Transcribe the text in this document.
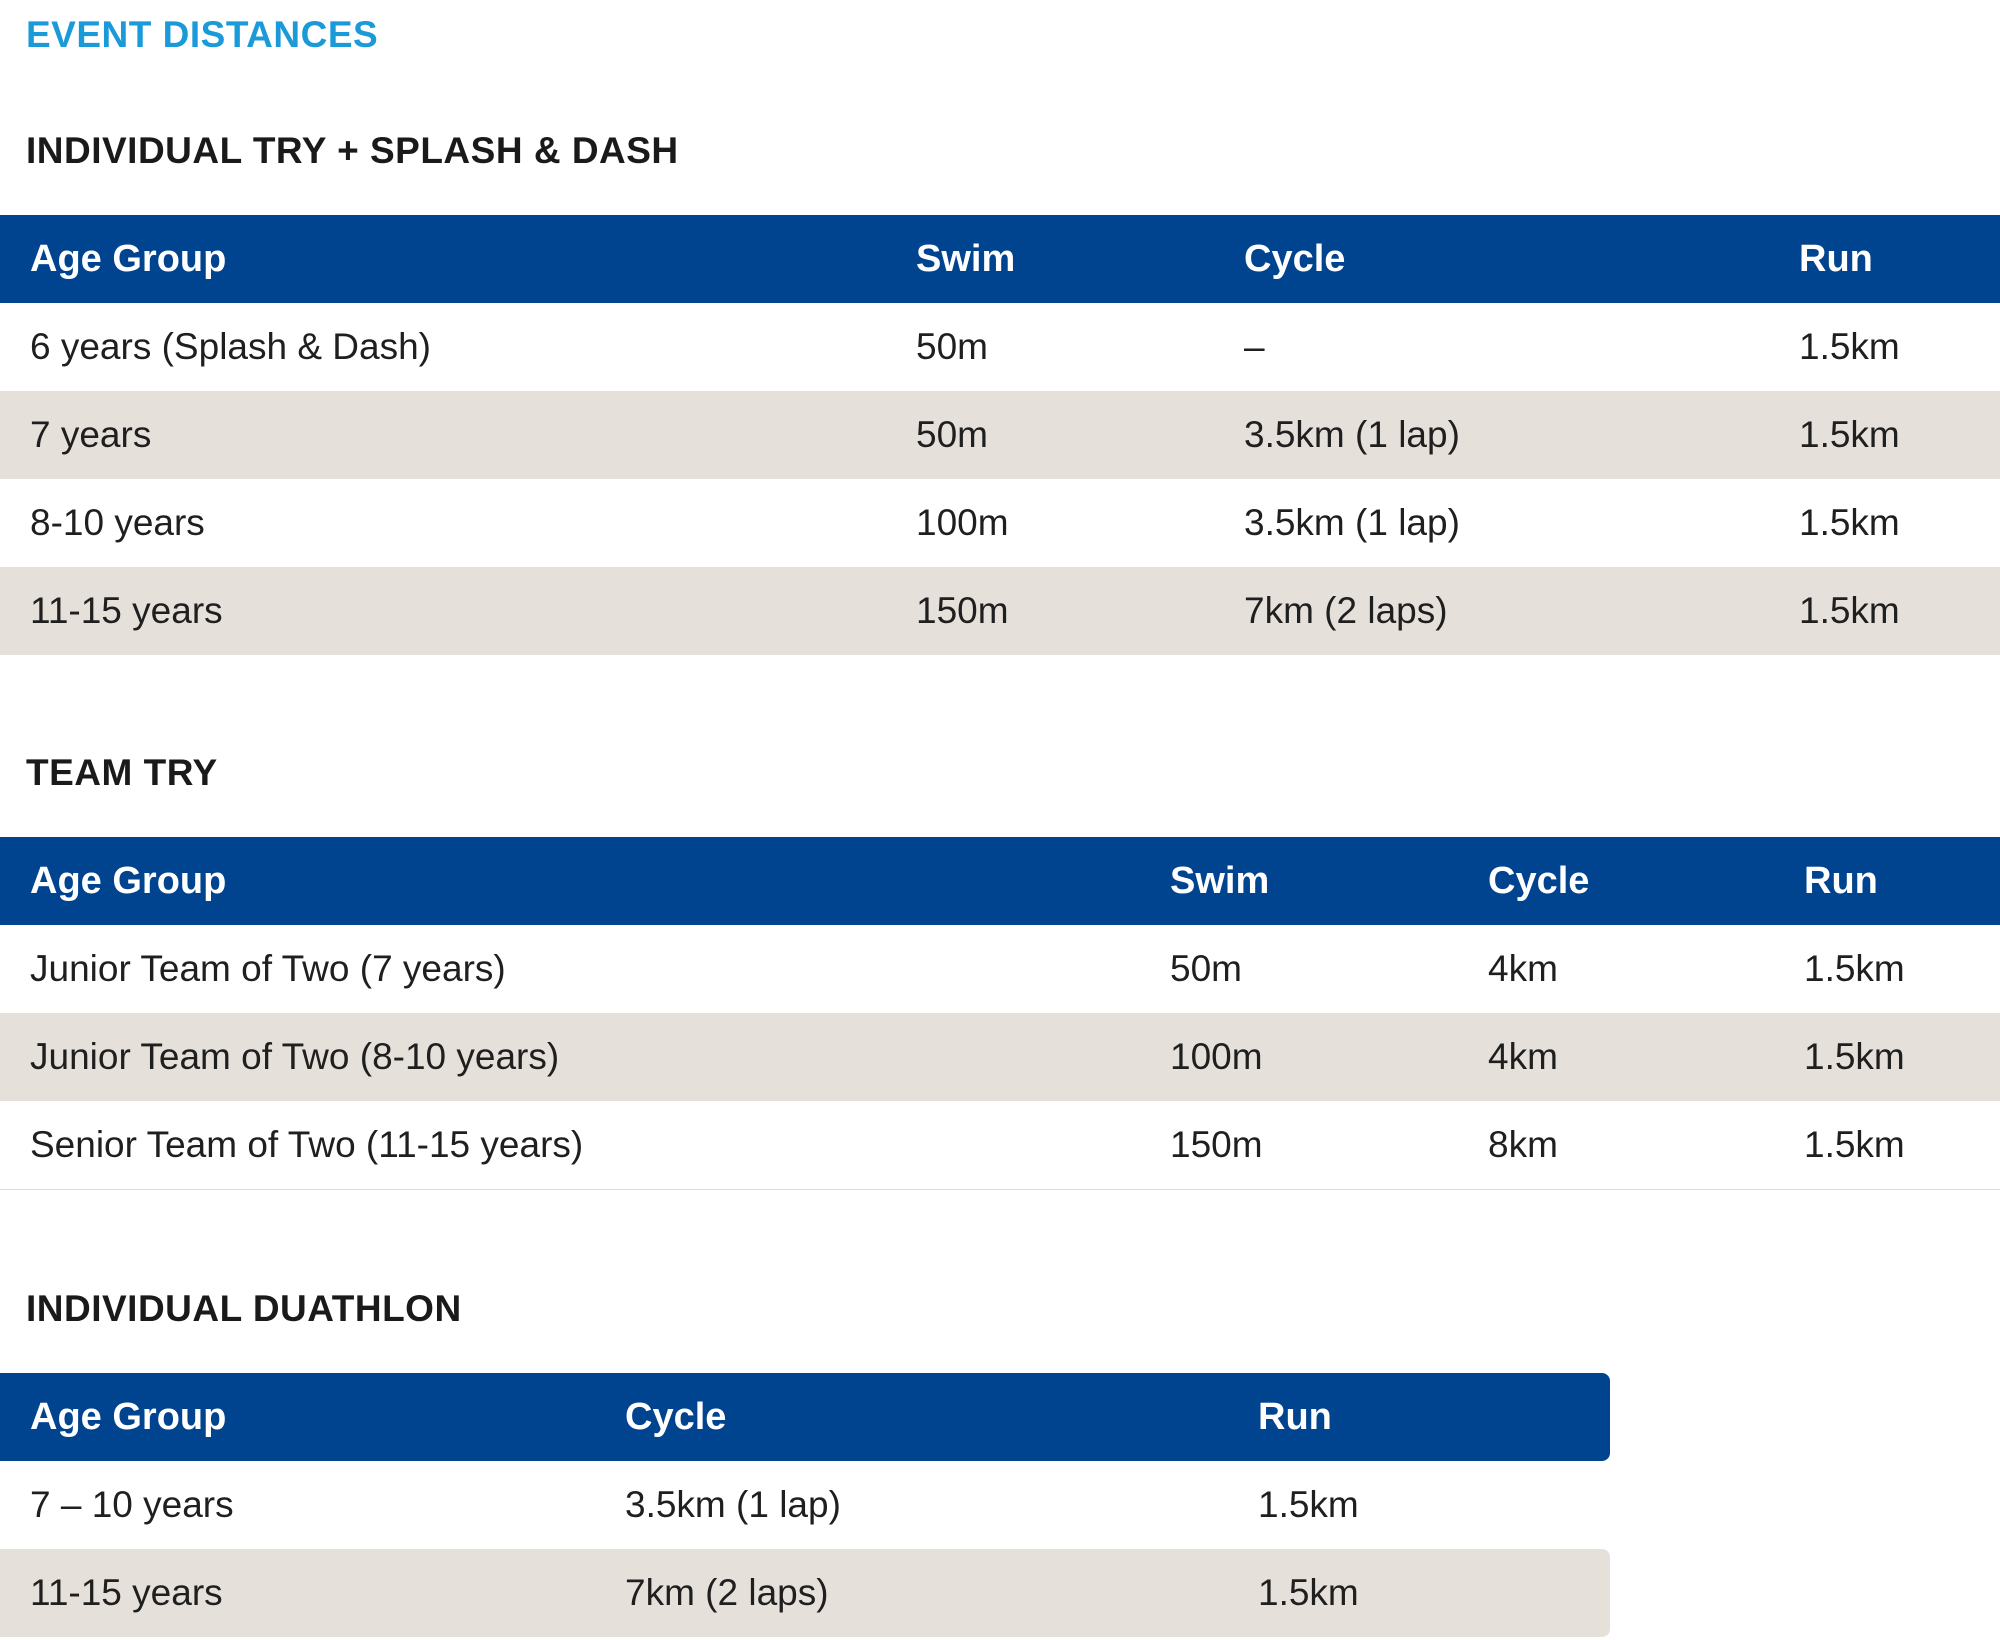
EVENT DISTANCES
INDIVIDUAL TRY + SPLASH & DASH
Age Group	Swim	Cycle	Run
6 years (Splash & Dash)	50m	–	1.5km
7 years	50m	3.5km (1 lap)	1.5km
8-10 years	100m	3.5km (1 lap)	1.5km
11-15 years	150m	7km (2 laps)	1.5km
TEAM TRY
Age Group	Swim	Cycle	Run
Junior Team of Two (7 years)	50m	4km	1.5km
Junior Team of Two (8-10 years)	100m	4km	1.5km
Senior Team of Two (11-15 years)	150m	8km	1.5km
INDIVIDUAL DUATHLON
Age Group	Cycle	Run
7 – 10 years	3.5km (1 lap)	1.5km
11-15 years	7km (2 laps)	1.5km
